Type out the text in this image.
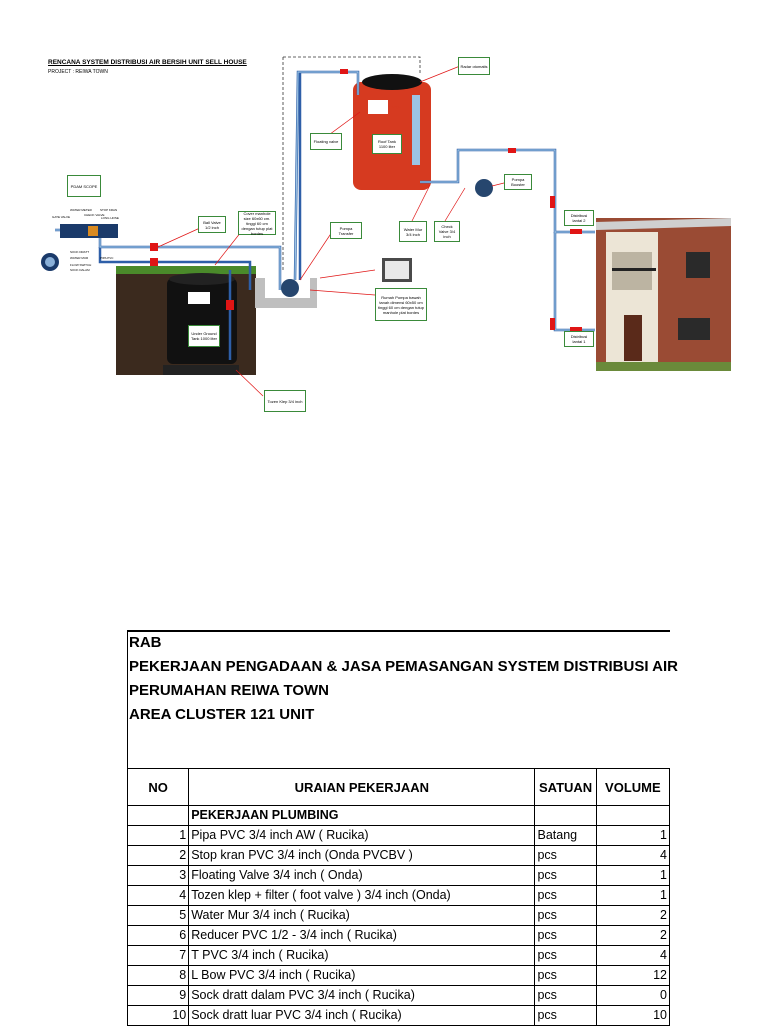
RENCANA SYSTEM DISTRIBUSI AIR BERSIH UNIT SELL HOUSE
PROJECT : REIWA TOWN
PDAM SCOPE
Ball Valve 1/2 inch
Cover manhole size 60x60 cm. tinggi 60 cm dengan tutup plat bordes
Pompa Transfer
Floating valve	Roof Tank 1100 liter
Radar otomatis
Water Mur 3/4 inch
Check Valve 3/4 inch
Pompa Booster
Distribusi lantai 2
Distribusi lantai 1
Rumah Pompa bawah tanah dimensi 60x50 cm tinggi 60 cm dengan tutup manhole plat bordes
Under Ground Tank 1000 liter
Tozen Klep 3/4 inch
Penguin
GATE VALVE
WATER METER
CHECK VALVE
STOP KRAN
LONG HOSE
SOCK DRATT
WATER MUR	PIPA PVC
FLOW SWITCH
SOCK DALAM
RAB
PEKERJAAN PENGADAAN & JASA PEMASANGAN SYSTEM DISTRIBUSI AIR
PERUMAHAN REIWA TOWN
AREA CLUSTER 121 UNIT
NO	URAIAN PEKERJAAN	SATUAN	VOLUME
	PEKERJAAN PLUMBING		
1	Pipa PVC 3/4 inch AW ( Rucika)	Batang	1
2	Stop kran PVC 3/4 inch (Onda PVCBV )	pcs	4
3	Floating Valve 3/4 inch ( Onda)	pcs	1
4	Tozen klep + filter ( foot valve ) 3/4 inch (Onda)	pcs	1
5	Water Mur 3/4 inch ( Rucika)	pcs	2
6	Reducer PVC 1/2 - 3/4 inch ( Rucika)	pcs	2
7	T PVC 3/4 inch ( Rucika)	pcs	4
8	L Bow PVC 3/4 inch ( Rucika)	pcs	12
9	Sock dratt dalam PVC 3/4 inch ( Rucika)	pcs	0
10	Sock dratt luar PVC 3/4 inch ( Rucika)	pcs	10
